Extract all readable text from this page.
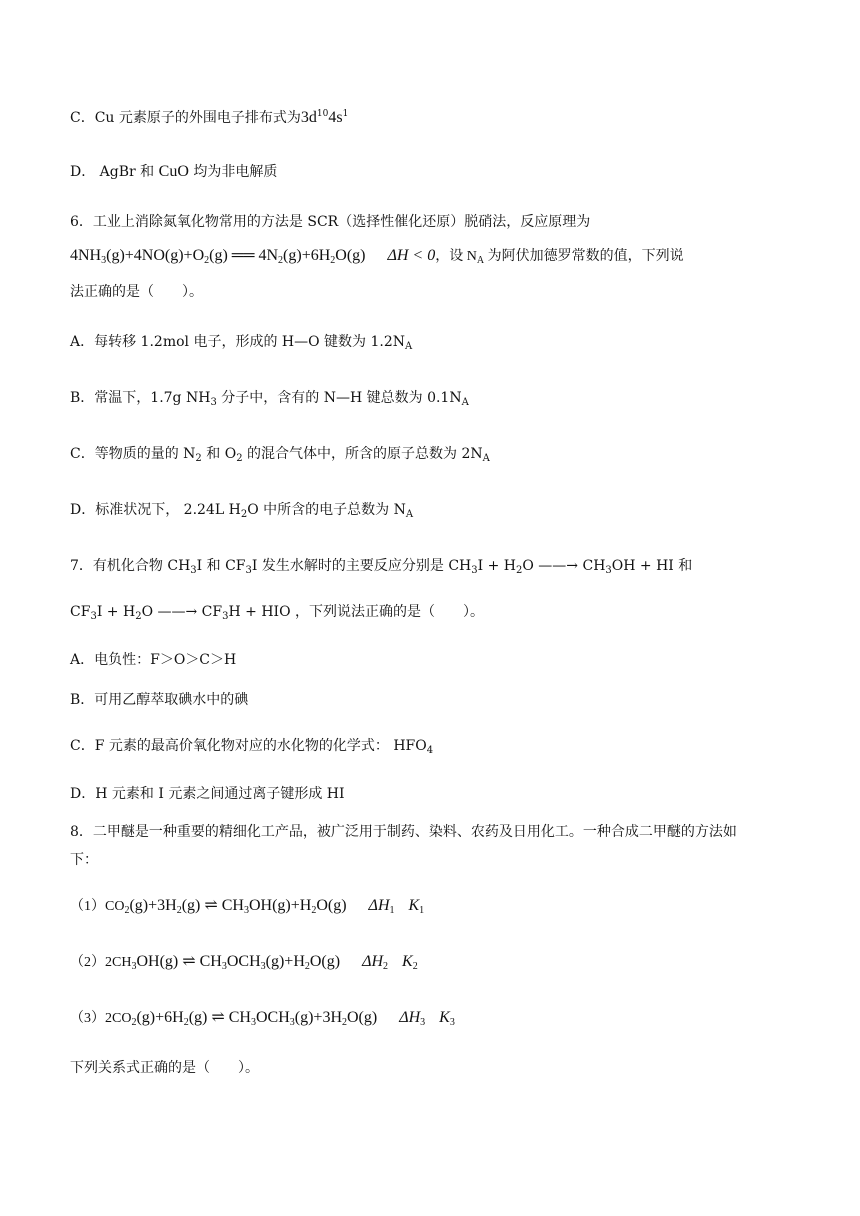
C．Cu 元素原子的外围电子排布式为$3d^{10}4s^1$
D． AgBr 和 CuO 均为非电解质
6．工业上消除氮氧化物常用的方法是 SCR（选择性催化还原）脱硝法，反应原理为
$4NH_3(g)+4NO(g)+O_2(g)$ ══ $4N_2(g)+6H_2O(g) \Delta H < 0$，设 $N_A$ 为阿伏加德罗常数的值，下列说
法正确的是（　　）。
A．每转移 1.2mol 电子，形成的 H—O 键数为 $1.2N_A$
B．常温下，1.7g $NH_3$ 分子中，含有的 N—H 键总数为 $0.1N_A$
C．等物质的量的 $N_2$ 和 $O_2$ 的混合气体中，所含的原子总数为 $2N_A$
D．标准状况下， 2.24L $H_2O$ 中所含的电子总数为 $N_A$
7．有机化合物 $CH_3I$ 和 $CF_3I$ 发生水解时的主要反应分别是 $CH_3I + H_2O$ ——→ $CH_3OH$ + HI 和
$CF_3I + H_2O$ ——→ $CF_3H$ + HIO ，下列说法正确的是（　　）。
A．电负性：F＞O＞C＞H
B．可用乙醇萃取碘水中的碘
C．F 元素的最高价氧化物对应的水化物的化学式： $HFO_4$
D．H 元素和 I 元素之间通过离子键形成 HI
8．二甲醚是一种重要的精细化工产品，被广泛用于制药、染料、农药及日用化工。一种合成二甲醚的方法如
下：
$(1)CO_2(g)+3H_2(g)$ ⇌ $CH_3OH(g)+H_2O(g)$ $\Delta H_1$ $K_1$
$(2)2CH_3OH(g)$ ⇌ $CH_3OCH_3(g)+H_2O(g)$ $\Delta H_2$ $K_2$
$(3)2CO_2(g)+6H_2(g)$ ⇌ $CH_3OCH_3(g)+3H_2O(g)$ $\Delta H_3$ $K_3$
下列关系式正确的是（　　）。
